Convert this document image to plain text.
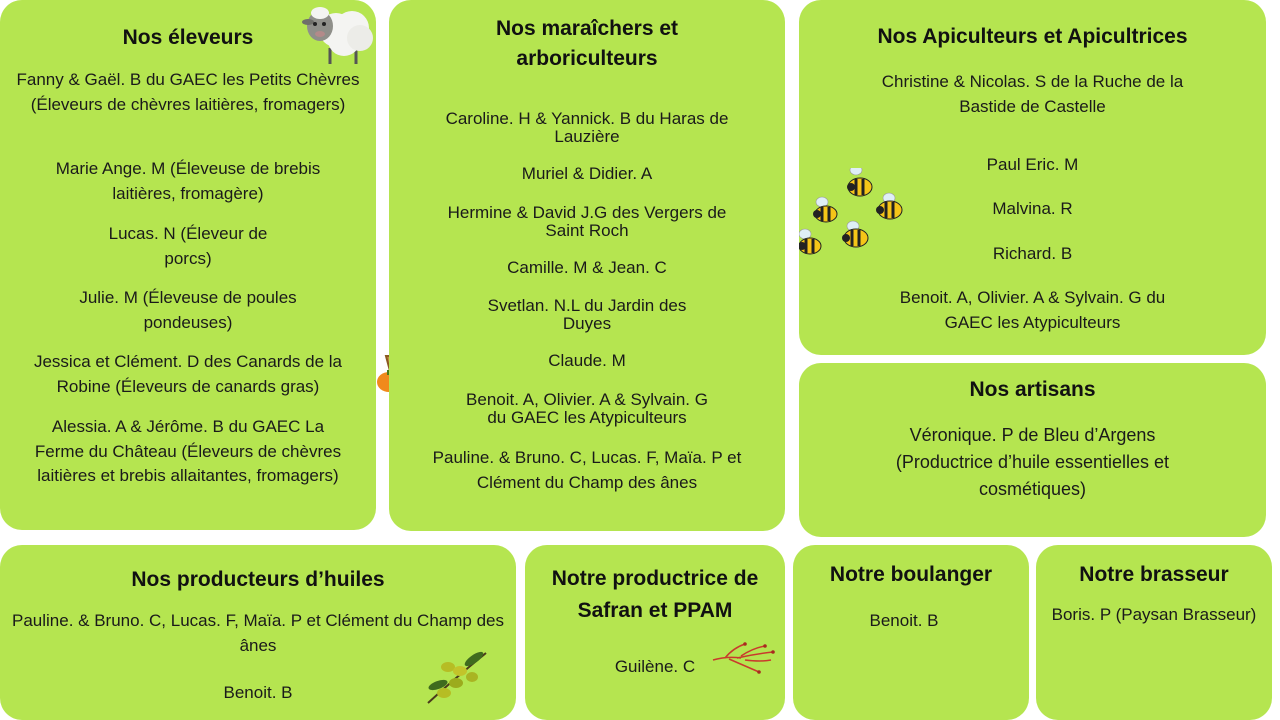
Nos éleveurs

Fanny & Gaël. B du GAEC les Petits Chèvres (Éleveurs de chèvres laitières, fromagers)

Marie Ange. M (Éleveuse de brebis laitières, fromagère)

Lucas. N (Éleveur de porcs)

Julie. M (Éleveuse de poules pondeuses)

Jessica et Clément. D des Canards de la Robine (Éleveurs de canards gras)

Alessia. A & Jérôme. B du GAEC La Ferme du Château (Éleveurs de chèvres laitières et brebis allaitantes, fromagers)

Nos maraîchers et arboriculteurs

Caroline. H & Yannick. B du Haras de Lauzière

Muriel & Didier. A

Hermine & David J.G des Vergers de Saint Roch

Camille. M & Jean. C

Svetlan. N.L du Jardin des Duyes

Claude. M

Benoit. A, Olivier. A & Sylvain. G du GAEC les Atypiculteurs

Pauline. & Bruno. C, Lucas. F, Maïa. P et Clément du Champ des ânes

Nos Apiculteurs et Apicultrices

Christine & Nicolas. S de la Ruche de la Bastide de Castelle

Paul Eric. M

Malvina. R

Richard. B

Benoit. A, Olivier. A & Sylvain. G du GAEC les Atypiculteurs

Nos artisans

Véronique. P de Bleu d’Argens (Productrice d’huile essentielles et cosmétiques)

Nos producteurs d’huiles

Pauline. & Bruno. C, Lucas. F, Maïa. P et Clément du Champ des ânes

Benoit. B

Notre productrice de Safran et PPAM

Guilène. C

Notre boulanger

Benoit. B

Notre brasseur

Boris. P (Paysan Brasseur)
